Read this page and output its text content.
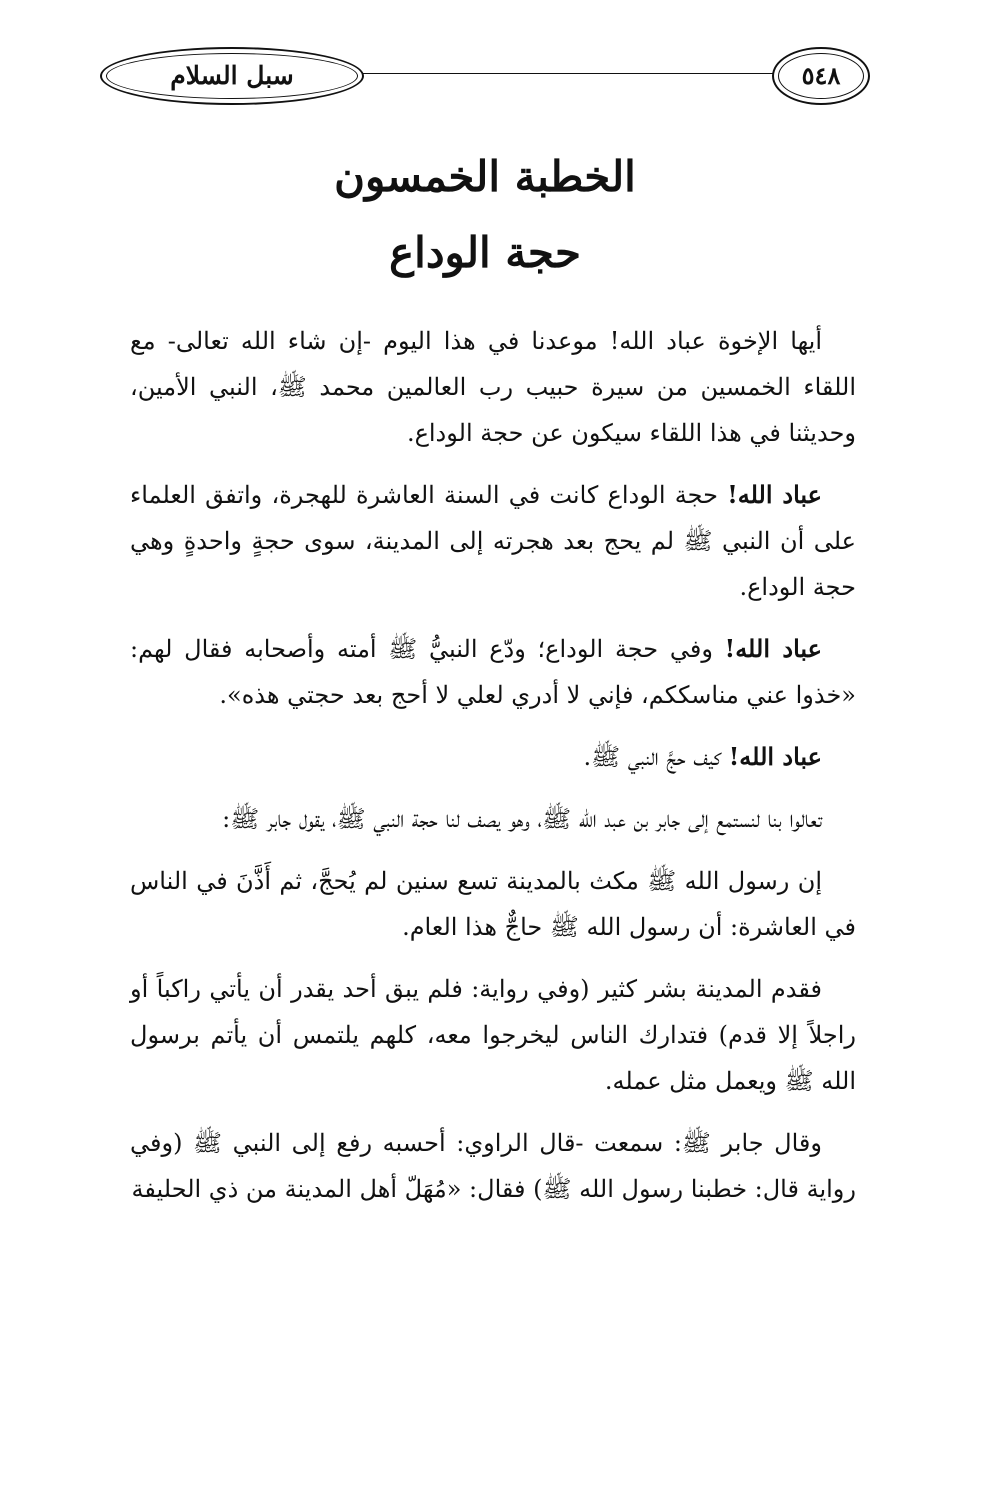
سبل السلام	٥٤٨
الخطبة الخمسون
حجة الوداع

أيها الإخوة عباد الله! موعدنا في هذا اليوم -إن شاء الله تعالى- مع اللقاء الخمسين من سيرة حبيب رب العالمين محمد ﷺ، النبي الأمين، وحديثنا في هذا اللقاء سيكون عن حجة الوداع.

عباد الله! حجة الوداع كانت في السنة العاشرة للهجرة، واتفق العلماء على أن النبي ﷺ لم يحج بعد هجرته إلى المدينة، سوى حجةٍ واحدةٍ وهي حجة الوداع.

عباد الله! وفي حجة الوداع؛ ودّع النبيُّ ﷺ أمته وأصحابه فقال لهم: «خذوا عني مناسككم، فإني لا أدري لعلي لا أحج بعد حجتي هذه».

عباد الله! كيف حجَّ النبي ﷺ.

تعالوا بنا لنستمع إلى جابر بن عبد الله ﷺ، وهو يصف لنا حجة النبي ﷺ، يقول جابر ﷺ:

إن رسول الله ﷺ مكث بالمدينة تسع سنين لم يُحجَّ، ثم أَذَّنَ في الناس في العاشرة: أن رسول الله ﷺ حاجٌّ هذا العام.

فقدم المدينة بشر كثير (وفي رواية: فلم يبق أحد يقدر أن يأتي راكباً أو راجلاً إلا قدم) فتدارك الناس ليخرجوا معه، كلهم يلتمس أن يأتم برسول الله ﷺ ويعمل مثل عمله.

وقال جابر ﷺ: سمعت -قال الراوي: أحسبه رفع إلى النبي ﷺ (وفي رواية قال: خطبنا رسول الله ﷺ) فقال: «مُهَلّ أهل المدينة من ذي الحليفة
